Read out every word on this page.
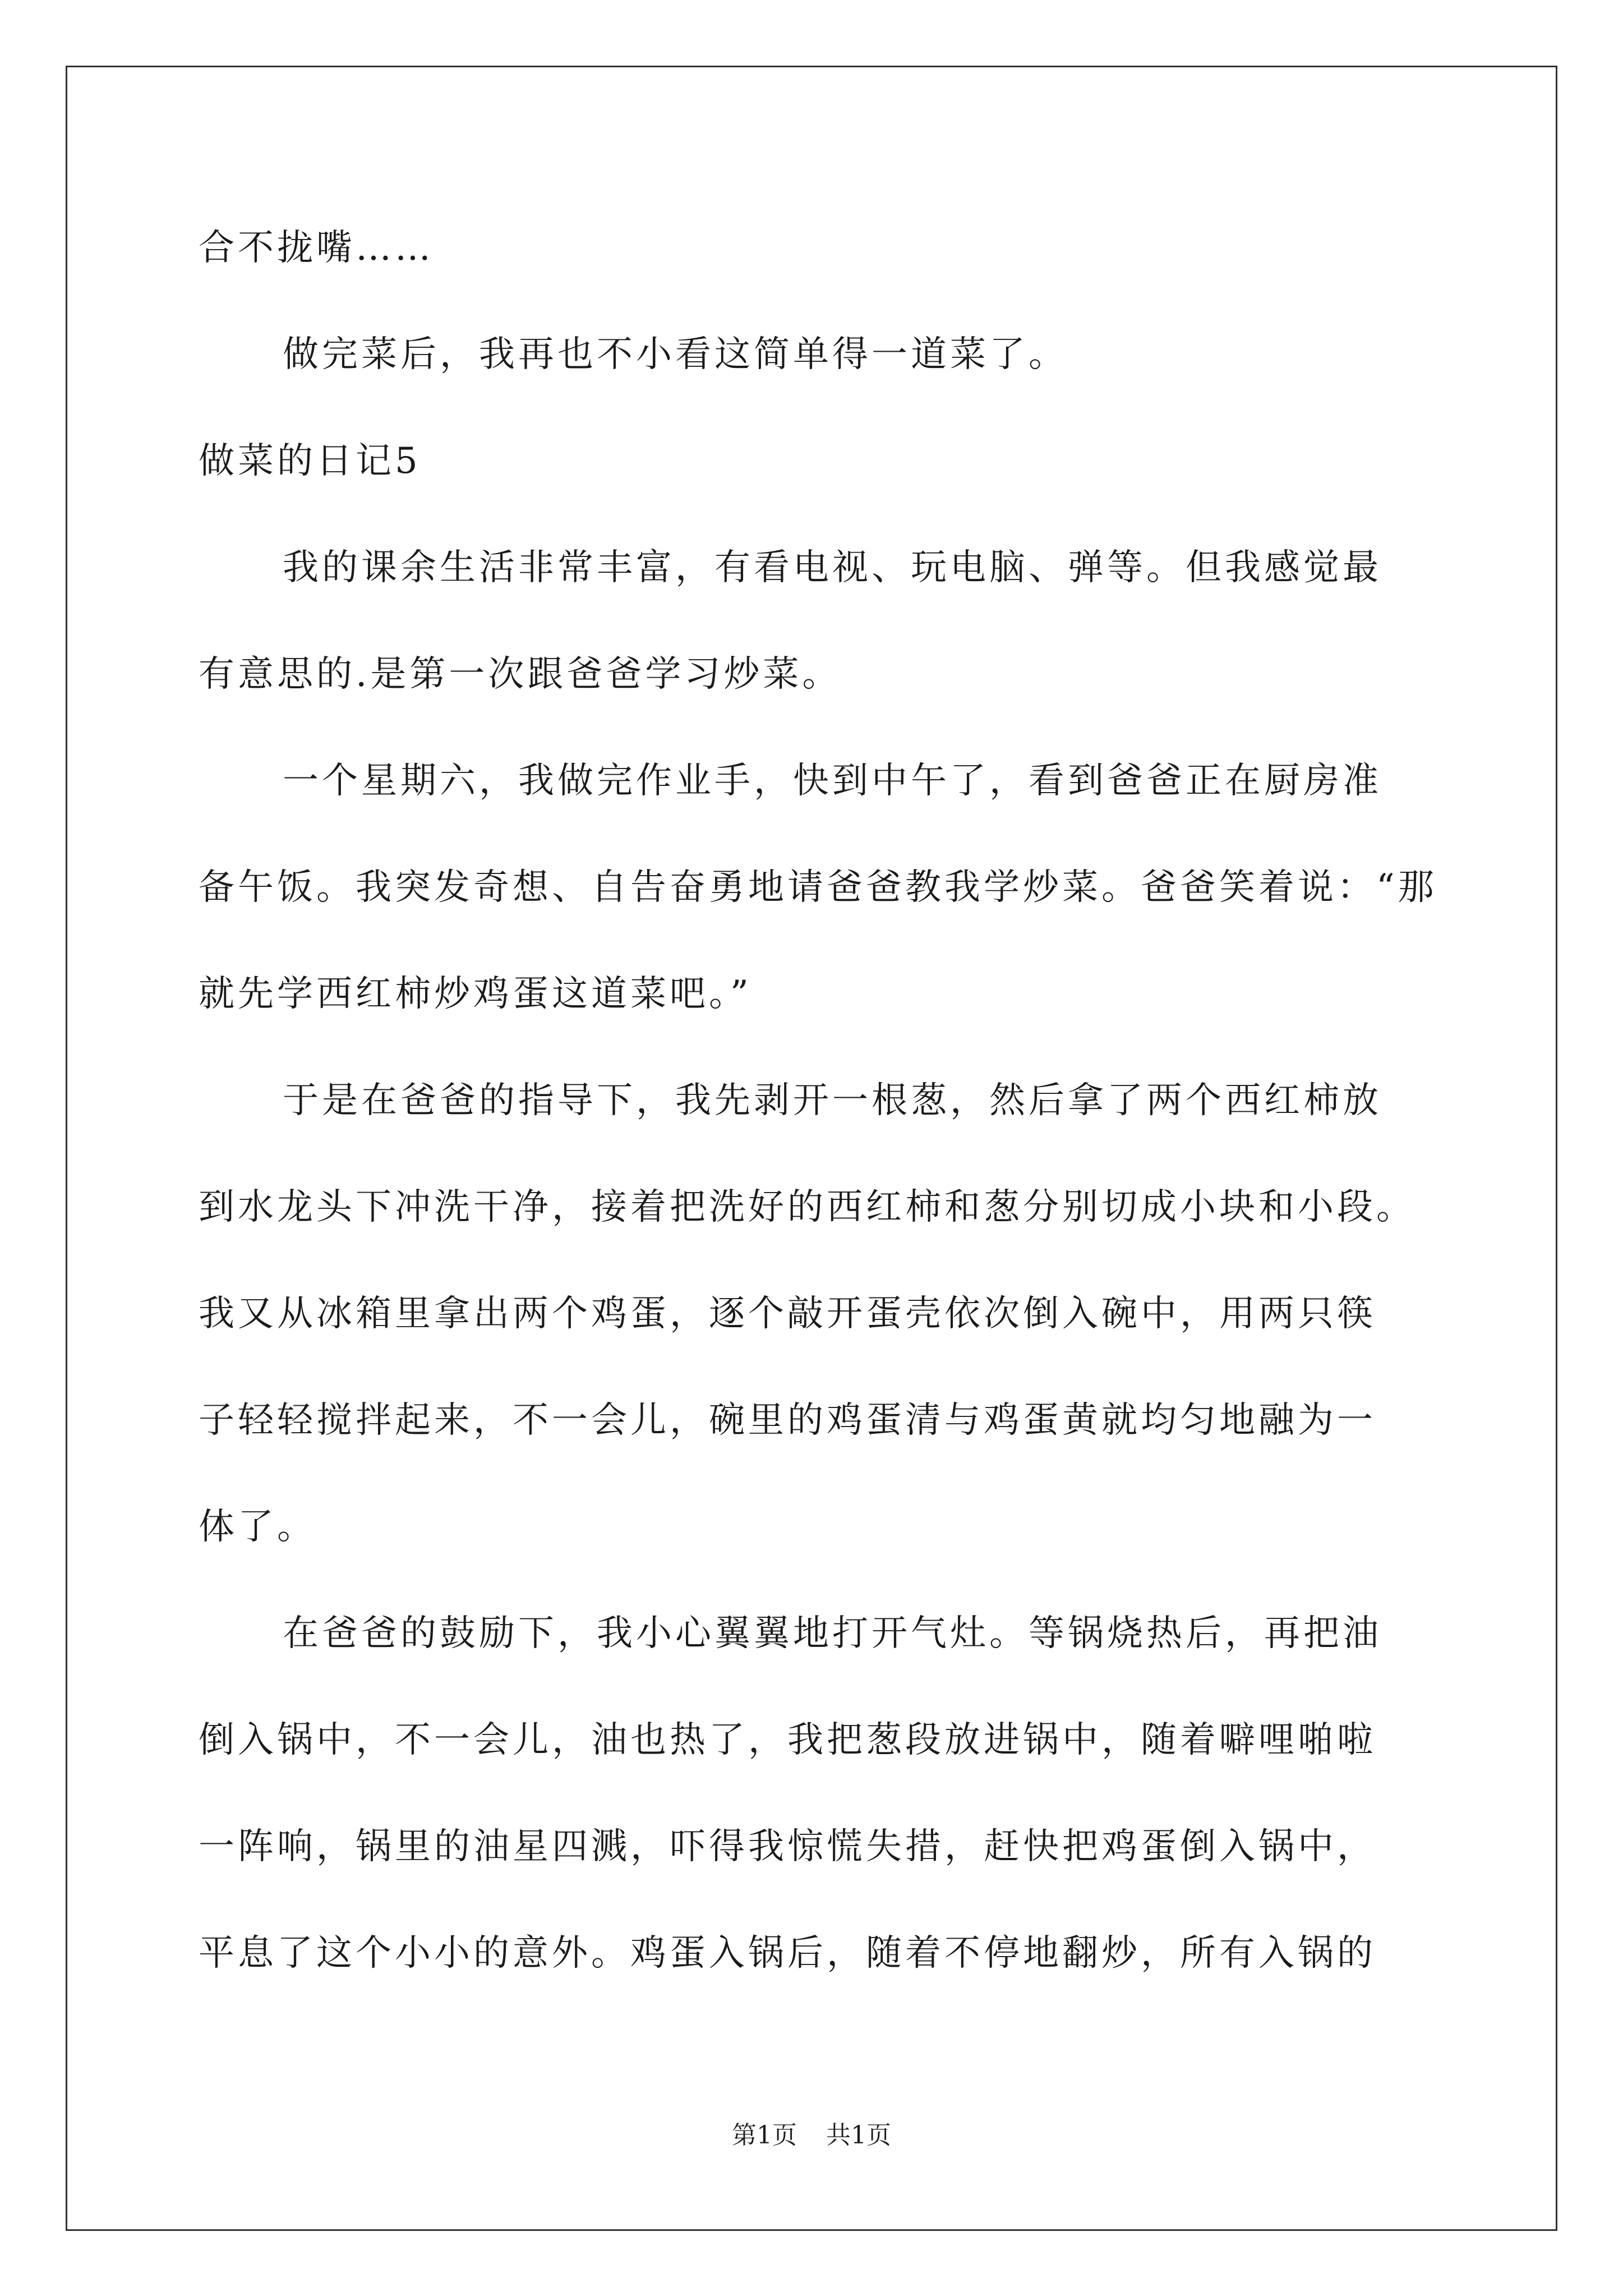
合不拢嘴……
做完菜后，我再也不小看这简单得一道菜了。
做菜的日记5
我的课余生活非常丰富，有看电视、玩电脑、弹等。但我感觉最
有意思的.是第一次跟爸爸学习炒菜。
一个星期六，我做完作业手，快到中午了，看到爸爸正在厨房准
备午饭。我突发奇想、自告奋勇地请爸爸教我学炒菜。爸爸笑着说：“那
就先学西红柿炒鸡蛋这道菜吧。”
于是在爸爸的指导下，我先剥开一根葱，然后拿了两个西红柿放
到水龙头下冲洗干净，接着把洗好的西红柿和葱分别切成小块和小段。
我又从冰箱里拿出两个鸡蛋，逐个敲开蛋壳依次倒入碗中，用两只筷
子轻轻搅拌起来，不一会儿，碗里的鸡蛋清与鸡蛋黄就均匀地融为一
体了。
在爸爸的鼓励下，我小心翼翼地打开气灶。等锅烧热后，再把油
倒入锅中，不一会儿，油也热了，我把葱段放进锅中，随着噼哩啪啦
一阵响，锅里的油星四溅，吓得我惊慌失措，赶快把鸡蛋倒入锅中，
平息了这个小小的意外。鸡蛋入锅后，随着不停地翻炒，所有入锅的
第1页 共1页
